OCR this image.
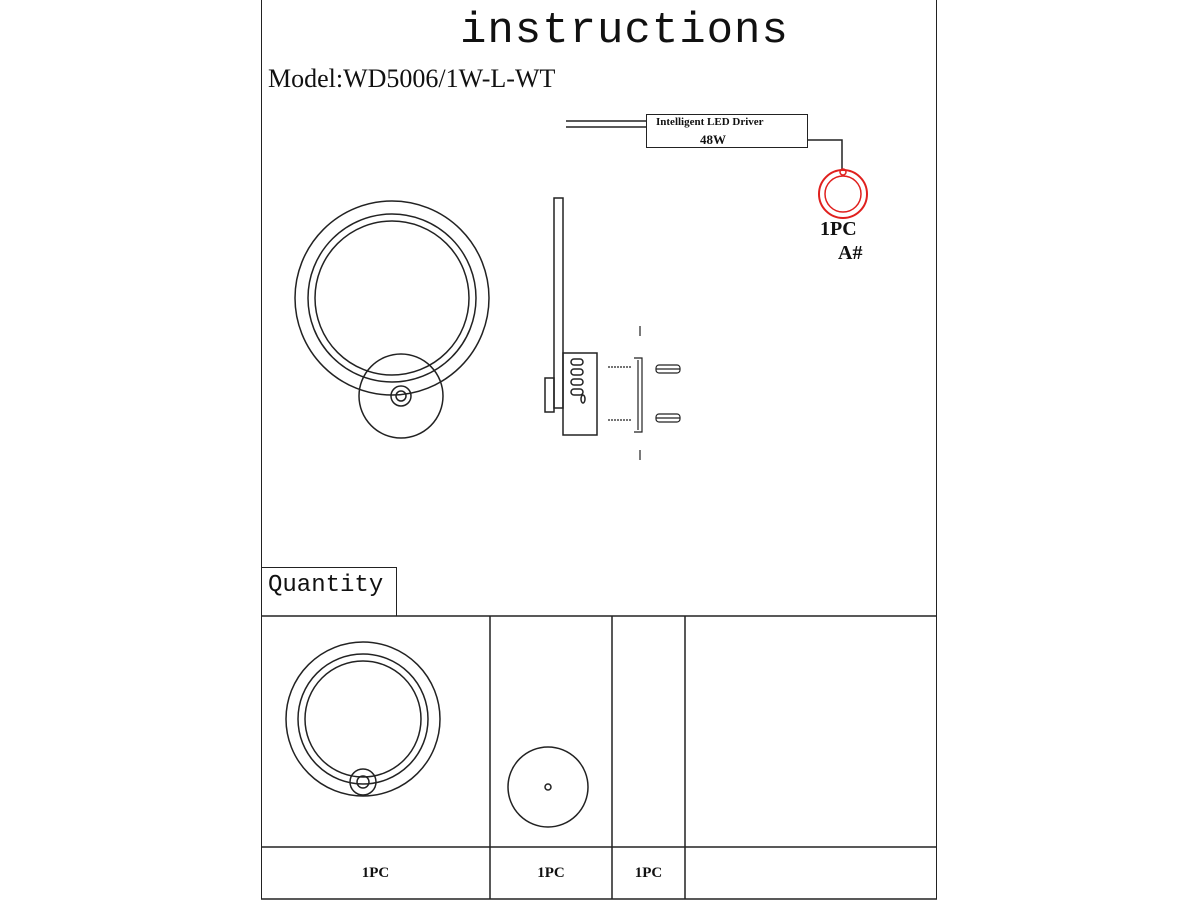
instructions
Model:WD5006/1W-L-WT
Intelligent LED Driver
48W
1PC
A#
Quantity
1PC	1PC	1PC
